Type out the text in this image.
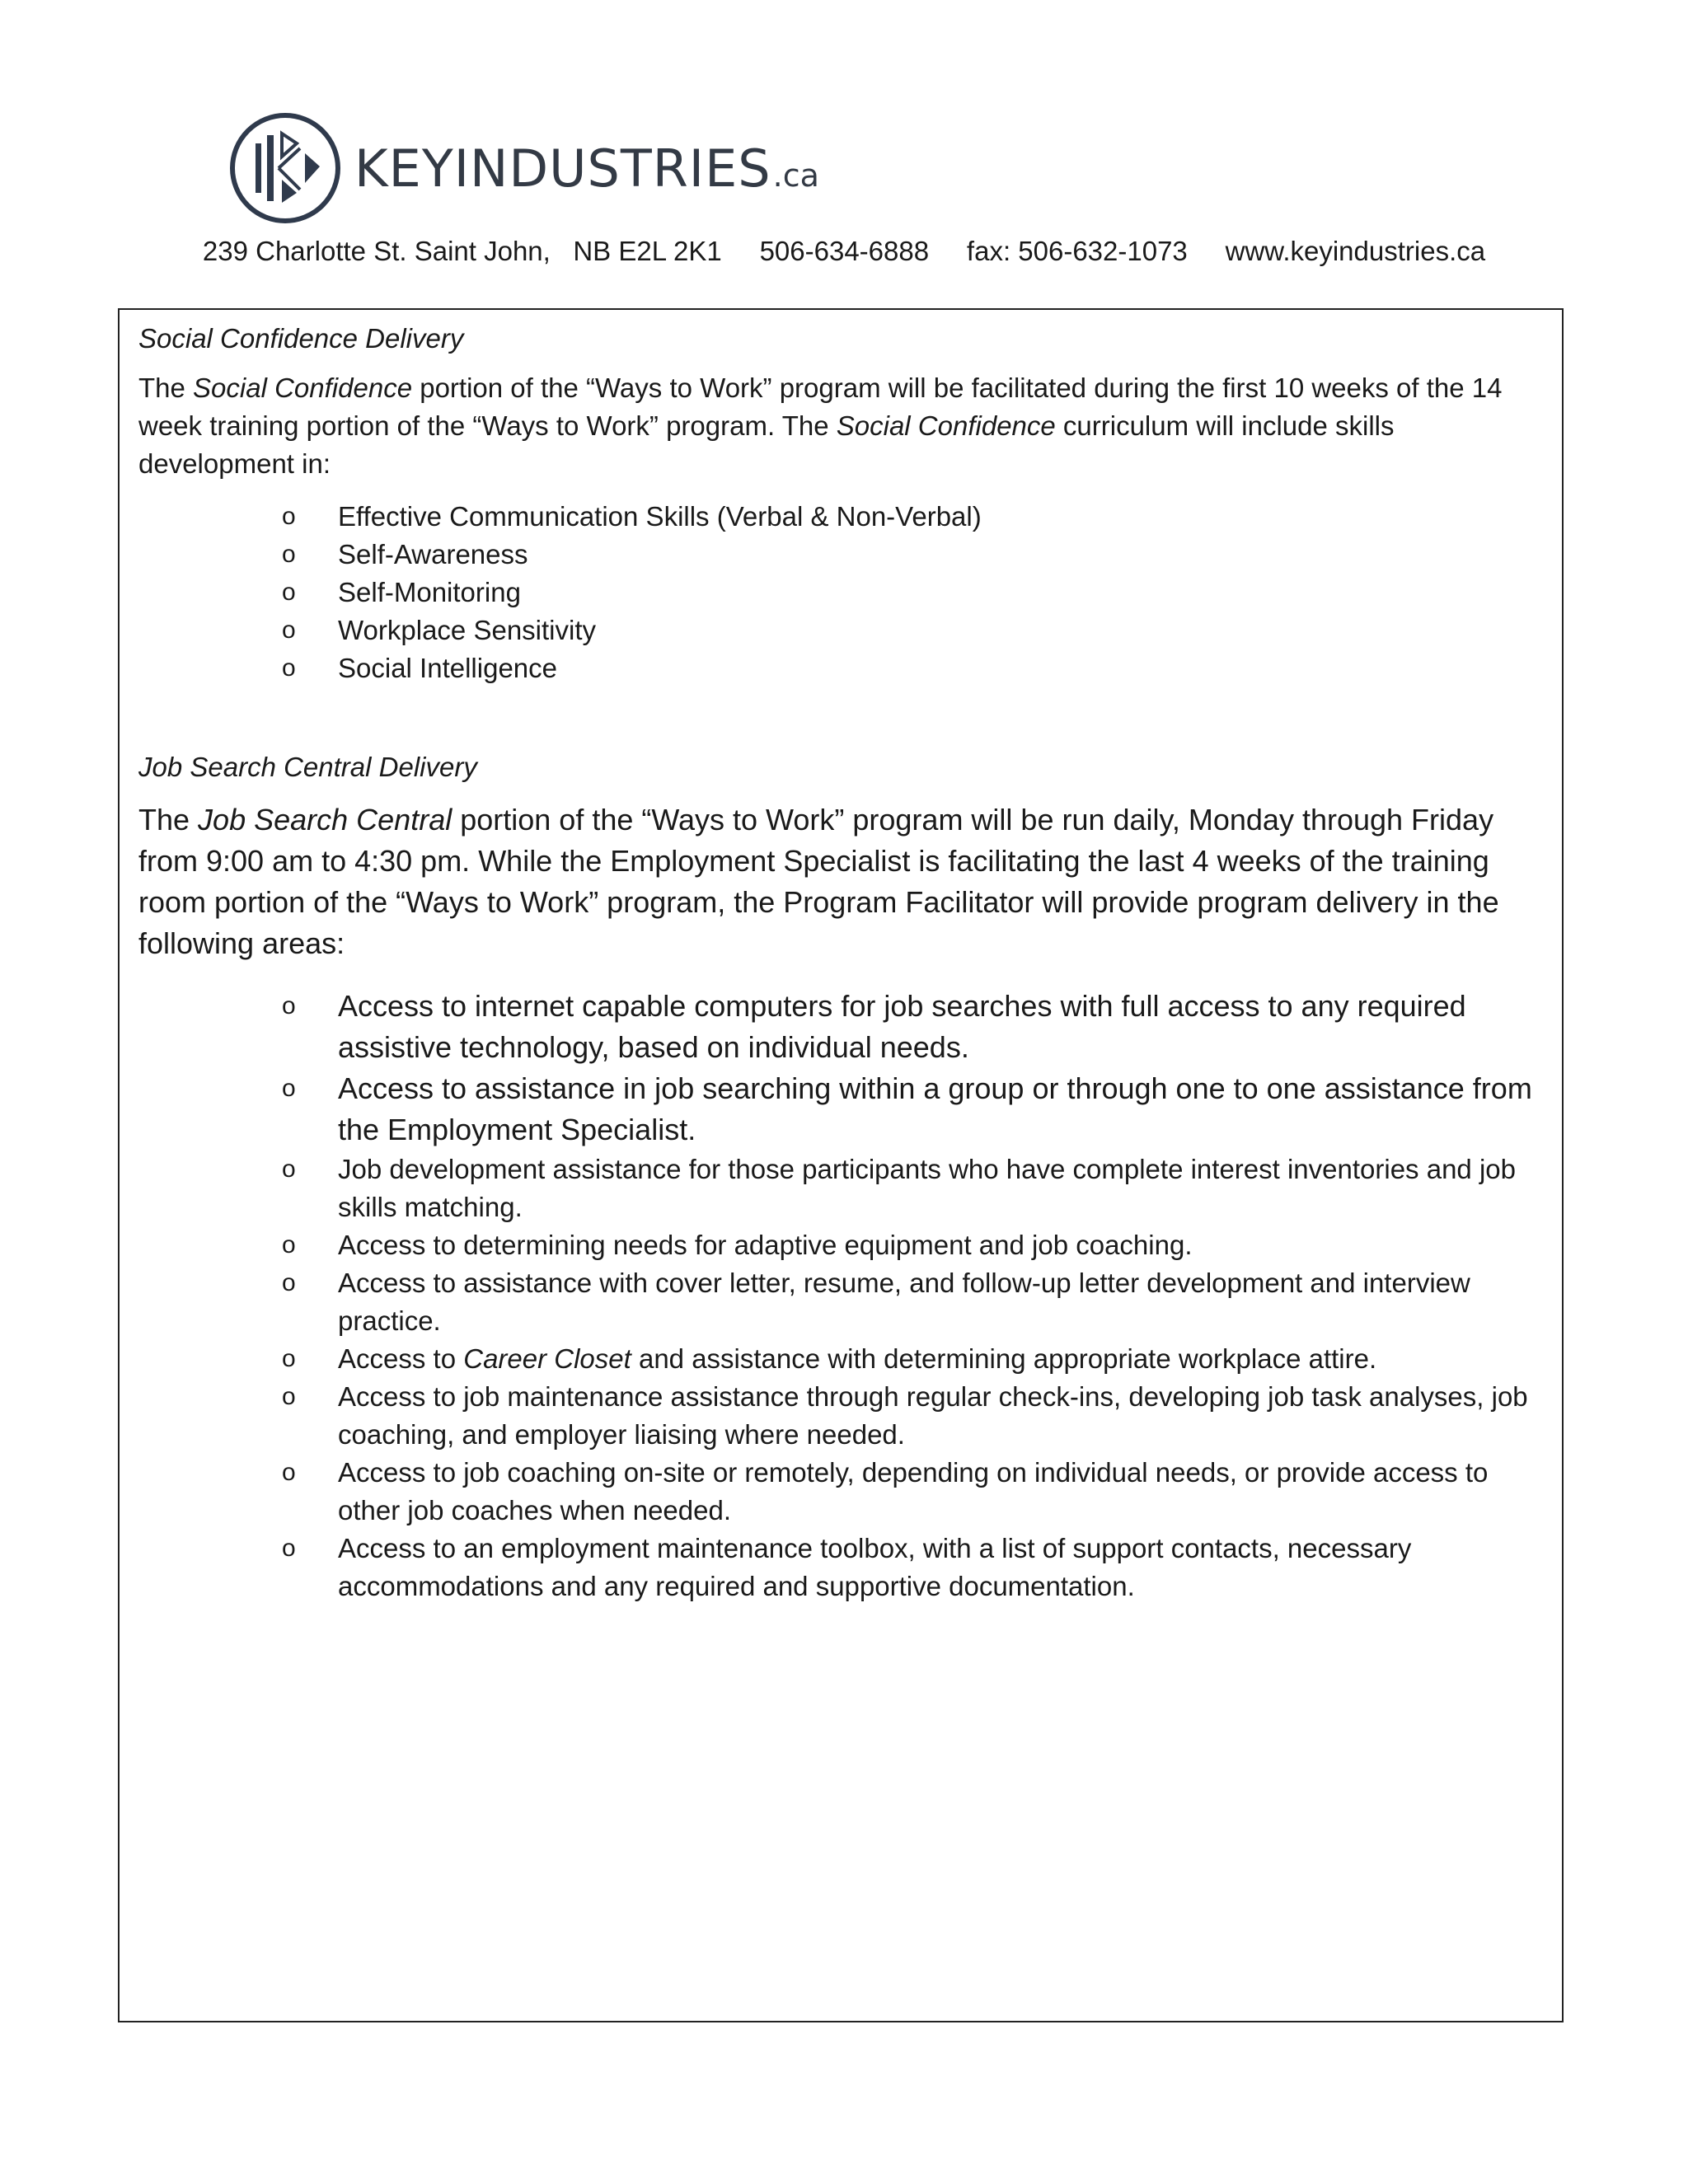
KEYINDUSTRIES .ca
239 Charlotte St. Saint John,   NB E2L 2K1 506-634-6888 fax: 506-632-1073 www.keyindustries.ca

Social Confidence Delivery

The Social Confidence portion of the “Ways to Work” program will be facilitated during the first 10 weeks of the 14 week training portion of the “Ways to Work” program. The Social Confidence curriculum will include skills development in:

o Effective Communication Skills (Verbal & Non-Verbal)
o Self-Awareness
o Self-Monitoring
o Workplace Sensitivity
o Social Intelligence

Job Search Central Delivery

The Job Search Central portion of the “Ways to Work” program will be run daily, Monday through Friday from 9:00 am to 4:30 pm. While the Employment Specialist is facilitating the last 4 weeks of the training room portion of the “Ways to Work” program, the Program Facilitator will provide program delivery in the following areas:

o Access to internet capable computers for job searches with full access to any required assistive technology, based on individual needs.
o Access to assistance in job searching within a group or through one to one assistance from the Employment Specialist.
o Job development assistance for those participants who have complete interest inventories and job skills matching.
o Access to determining needs for adaptive equipment and job coaching.
o Access to assistance with cover letter, resume, and follow-up letter development and interview practice.
o Access to Career Closet and assistance with determining appropriate workplace attire.
o Access to job maintenance assistance through regular check-ins, developing job task analyses, job coaching, and employer liaising where needed.
o Access to job coaching on-site or remotely, depending on individual needs, or provide access to other job coaches when needed.
o Access to an employment maintenance toolbox, with a list of support contacts, necessary accommodations and any required and supportive documentation.
